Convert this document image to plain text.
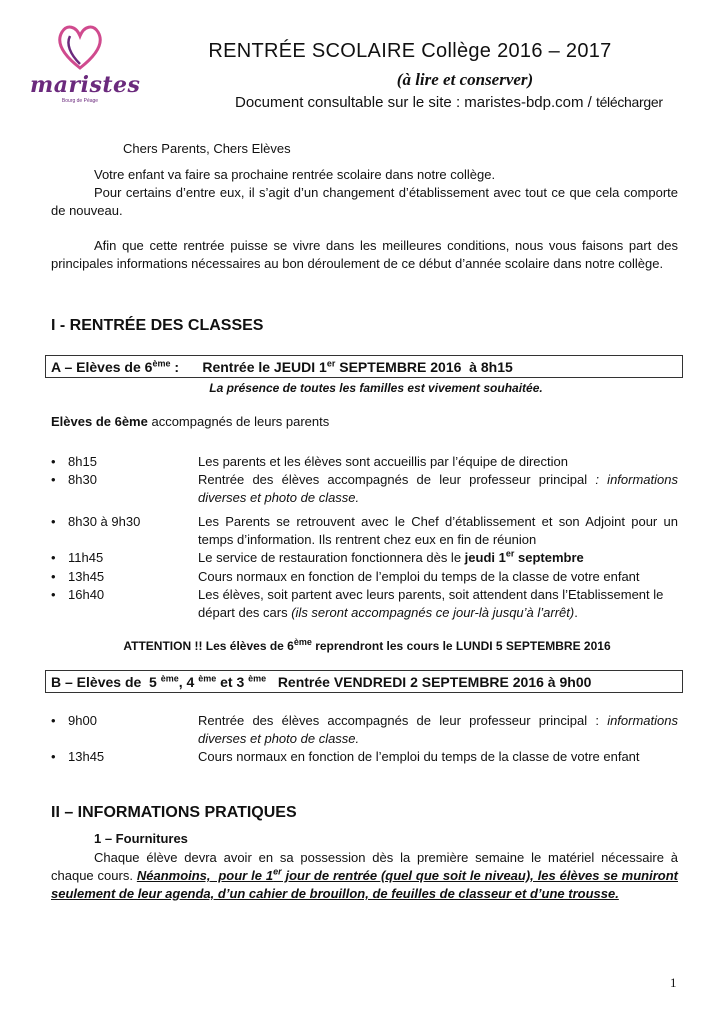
maristes
Bourg de Péage
RENTRÉE SCOLAIRE Collège 2016 – 2017
(à lire et conserver)
Document consultable sur le site : maristes-bdp.com / télécharger
Chers Parents, Chers Elèves
Votre enfant va faire sa prochaine rentrée scolaire dans notre collège.
Pour certains d’entre eux, il s’agit d’un changement d’établissement avec tout ce que cela comporte de nouveau.
Afin que cette rentrée puisse se vivre dans les meilleures conditions, nous vous faisons part des principales informations nécessaires au bon déroulement de ce début d’année scolaire dans notre collège.
I - RENTRÉE DES CLASSES
A – Elèves de 6ème :      Rentrée le JEUDI 1er SEPTEMBRE 2016  à 8h15
La présence de toutes les familles est vivement souhaitée.
Elèves de 6ème accompagnés de leurs parents
• 8h15	Les parents et les élèves sont accueillis par l’équipe de direction
• 8h30	Rentrée des élèves accompagnés de leur professeur principal : informations diverses et photo de classe.
• 8h30 à 9h30	Les Parents se retrouvent avec le Chef d’établissement et son Adjoint pour un temps d’information. Ils rentrent chez eux en fin de réunion
• 11h45	Le service de restauration fonctionnera dès le jeudi 1er septembre
• 13h45	Cours normaux en fonction de l’emploi du temps de la classe de votre enfant
• 16h40	Les élèves, soit partent avec leurs parents, soit attendent dans l’Etablissement le départ des cars (ils seront accompagnés ce jour-là jusqu’à l’arrêt).
ATTENTION !! Les élèves de 6ème reprendront les cours le LUNDI 5 SEPTEMBRE 2016
B – Elèves de  5 $^{ème}$, 4 $^{ème}$ et 3 $^{ème}$   Rentrée VENDREDI 2 SEPTEMBRE 2016 à 9h00
• 9h00	Rentrée des élèves accompagnés de leur professeur principal : informations diverses et photo de classe.
• 13h45	Cours normaux en fonction de l’emploi du temps de la classe de votre enfant
II – INFORMATIONS PRATIQUES
1 – Fournitures
Chaque élève devra avoir en sa possession dès la première semaine le matériel nécessaire à chaque cours. Néanmoins,  pour le 1er jour de rentrée (quel que soit le niveau), les élèves se muniront seulement de leur agenda, d’un cahier de brouillon, de feuilles de classeur et d’une trousse.
1
